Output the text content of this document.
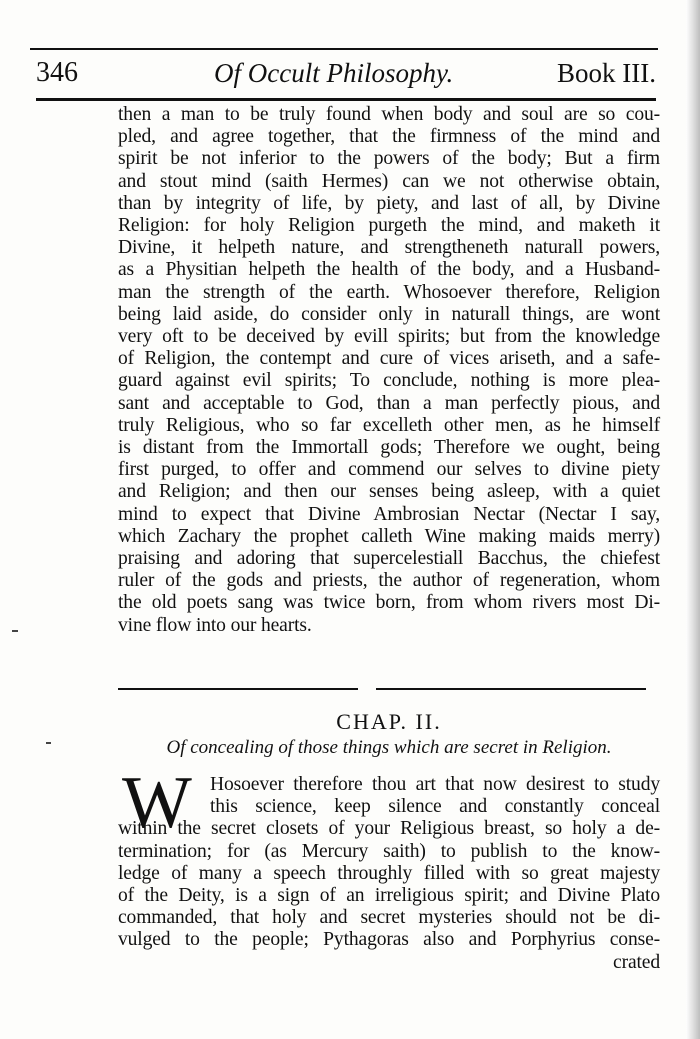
346	Of Occult Philosophy.	Book III.
then a man to be truly found when body and soul are so cou-
pled, and agree together, that the firmness of the mind and
spirit be not inferior to the powers of the body; But a firm
and stout mind (saith Hermes) can we not otherwise obtain,
than by integrity of life, by piety, and last of all, by Divine
Religion: for holy Religion purgeth the mind, and maketh it
Divine, it helpeth nature, and strengtheneth naturall powers,
as a Physitian helpeth the health of the body, and a Husband-
man the strength of the earth. Whosoever therefore, Religion
being laid aside, do consider only in naturall things, are wont
very oft to be deceived by evill spirits; but from the knowledge
of Religion, the contempt and cure of vices ariseth, and a safe-
guard against evil spirits; To conclude, nothing is more plea-
sant and acceptable to God, than a man perfectly pious, and
truly Religious, who so far excelleth other men, as he himself
is distant from the Immortall gods; Therefore we ought, being
first purged, to offer and commend our selves to divine piety
and Religion; and then our senses being asleep, with a quiet
mind to expect that Divine Ambrosian Nectar (Nectar I say,
which Zachary the prophet calleth Wine making maids merry)
praising and adoring that supercelestiall Bacchus, the chiefest
ruler of the gods and priests, the author of regeneration, whom
the old poets sang was twice born, from whom rivers most Di-
vine flow into our hearts.
CHAP. II.
Of concealing of those things which are secret in Religion.
W Hosoever therefore thou art that now desirest to study
this science, keep silence and constantly conceal
within the secret closets of your Religious breast, so holy a de-
termination; for (as Mercury saith) to publish to the know-
ledge of many a speech throughly filled with so great majesty
of the Deity, is a sign of an irreligious spirit; and Divine Plato
commanded, that holy and secret mysteries should not be di-
vulged to the people; Pythagoras also and Porphyrius conse-
crated
